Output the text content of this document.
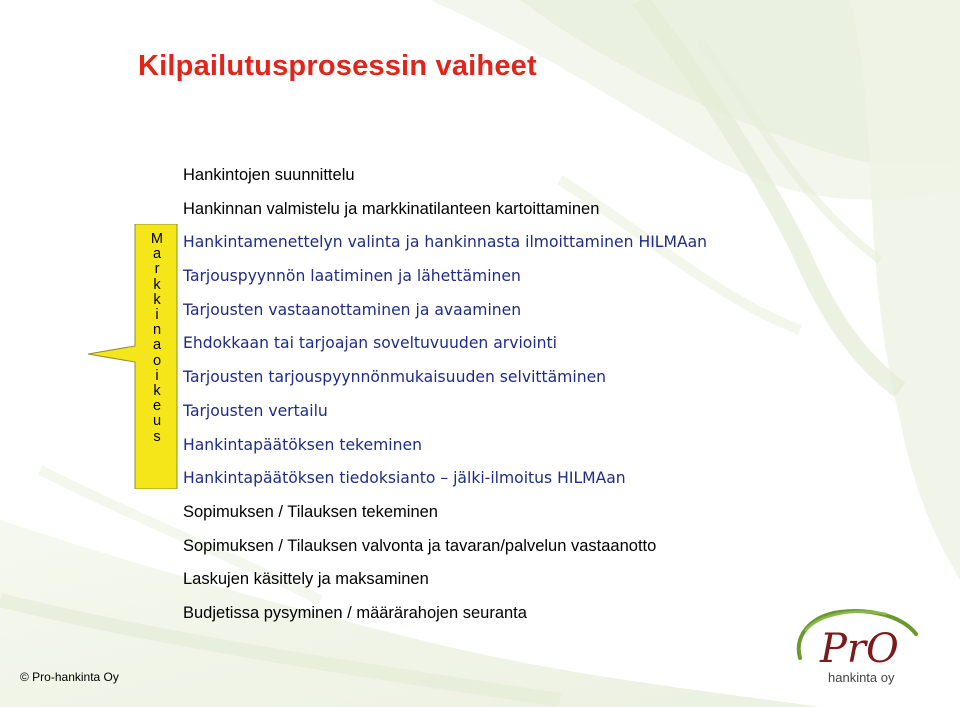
Kilpailutusprosessin vaiheet
M
a
r
k
k
i
n
a
o
i
k
e
u
s
Hankintojen suunnittelu
Hankinnan valmistelu ja markkinatilanteen kartoittaminen
Hankintamenettelyn valinta ja hankinnasta ilmoittaminen HILMAan
Tarjouspyynnön laatiminen ja lähettäminen
Tarjousten vastaanottaminen ja avaaminen
Ehdokkaan tai tarjoajan soveltuvuuden arviointi
Tarjousten tarjouspyynnönmukaisuuden selvittäminen
Tarjousten vertailu
Hankintapäätöksen tekeminen
Hankintapäätöksen tiedoksianto – jälki-ilmoitus HILMAan
Sopimuksen / Tilauksen tekeminen
Sopimuksen / Tilauksen valvonta ja tavaran/palvelun vastaanotto
Laskujen käsittely ja maksaminen
Budjetissa pysyminen / määrärahojen seuranta
© Pro-hankinta Oy
PrO
hankinta oy
